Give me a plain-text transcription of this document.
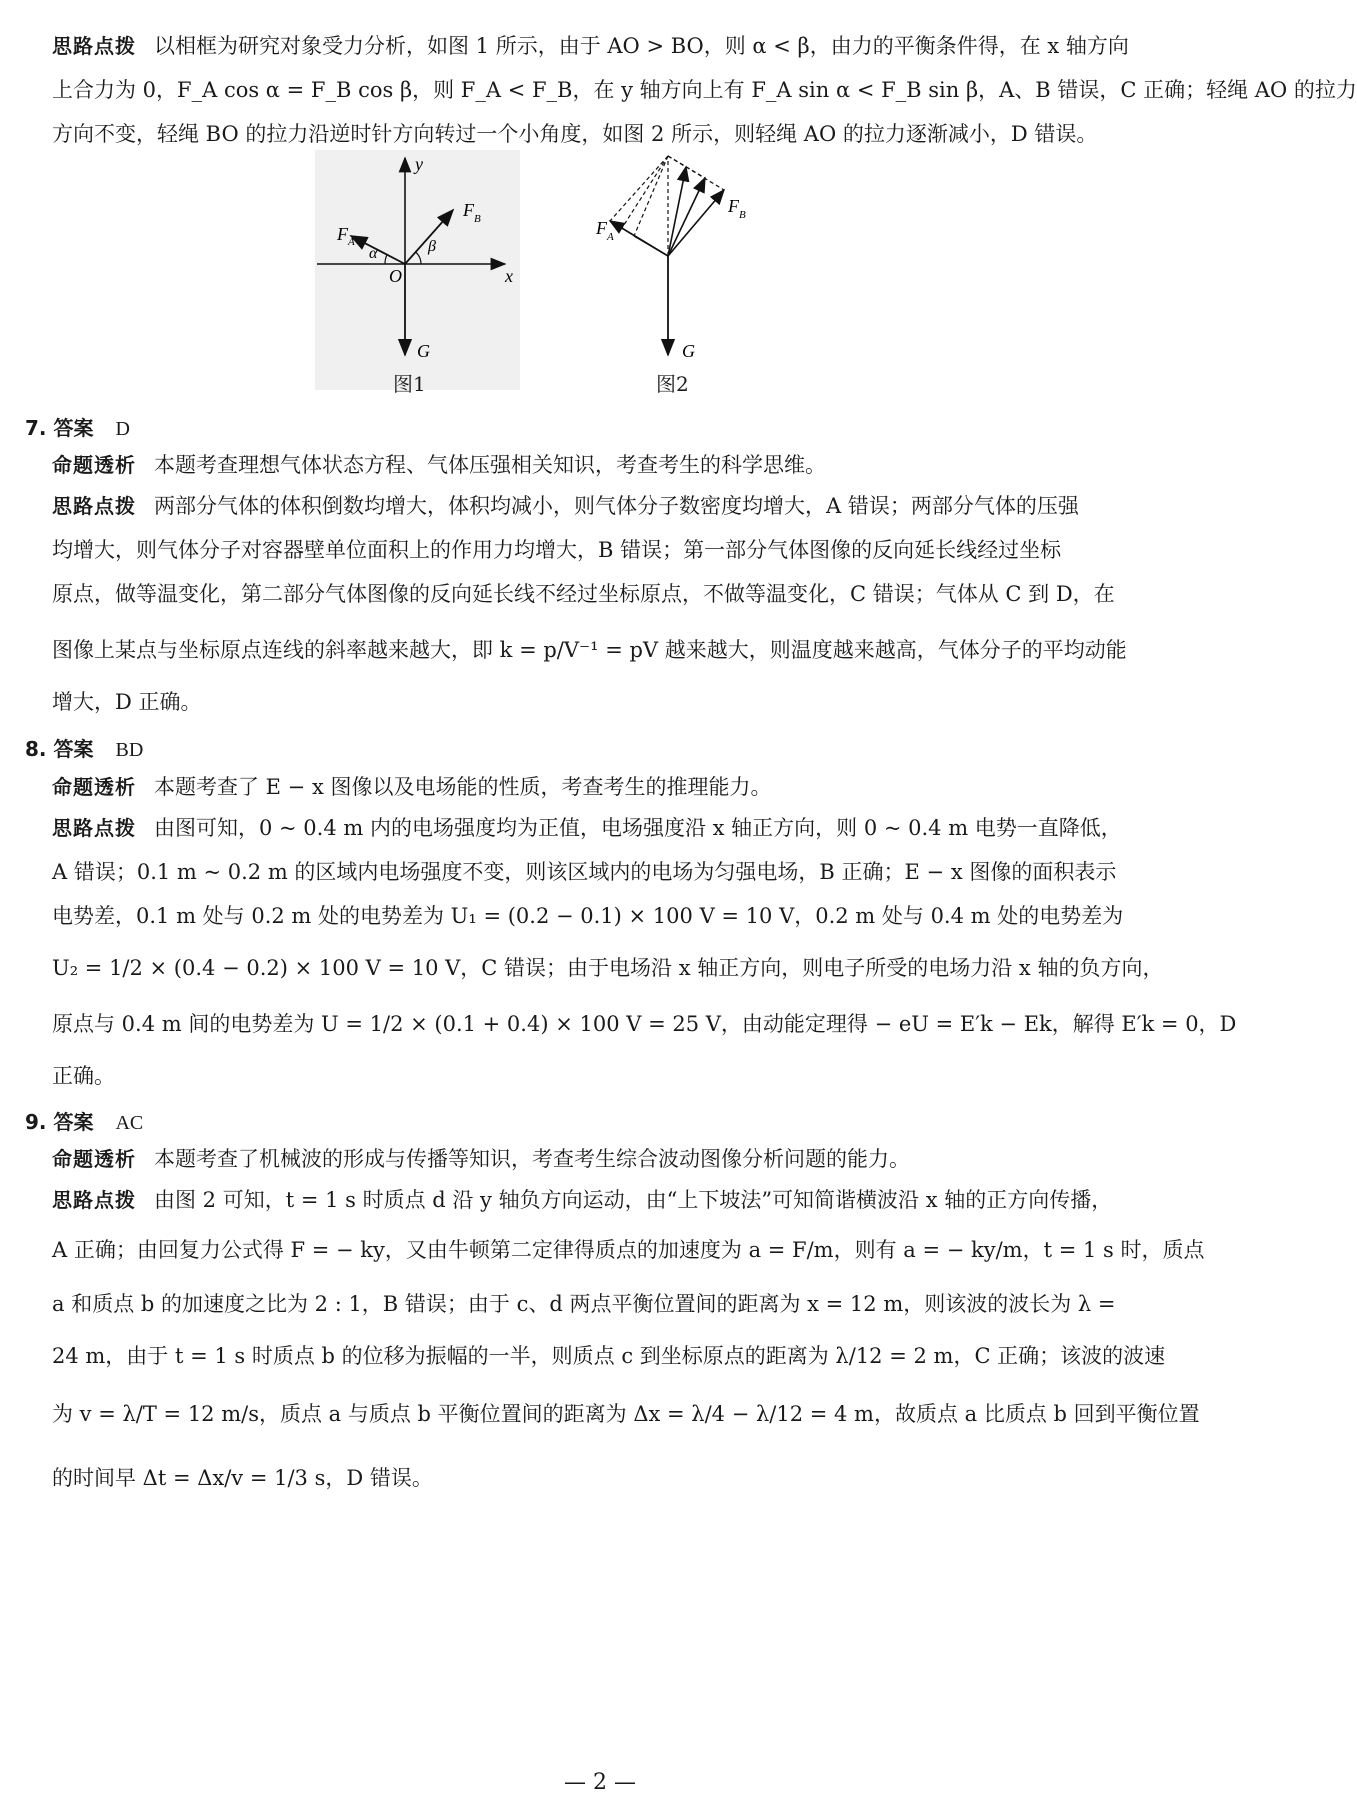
思路点拨 以相框为研究对象受力分析，如图 1 所示，由于 AO > BO，则 α < β，由力的平衡条件得，在 x 轴方向
上合力为 0，F_A cos α = F_B cos β，则 F_A < F_B，在 y 轴方向上有 F_A sin α < F_B sin β，A、B 错误，C 正确；轻绳 AO 的拉力
方向不变，轻绳 BO 的拉力沿逆时针方向转过一个小角度，如图 2 所示，则轻绳 AO 的拉力逐渐减小，D 错误。
y
x
O
G
F A
F B
α	β
图1
G
F A
F B
图2
7. 答案 D
命题透析 本题考查理想气体状态方程、气体压强相关知识，考查考生的科学思维。
思路点拨 两部分气体的体积倒数均增大，体积均减小，则气体分子数密度均增大，A 错误；两部分气体的压强
均增大，则气体分子对容器壁单位面积上的作用力均增大，B 错误；第一部分气体图像的反向延长线经过坐标
原点，做等温变化，第二部分气体图像的反向延长线不经过坐标原点，不做等温变化，C 错误；气体从 C 到 D，在
图像上某点与坐标原点连线的斜率越来越大，即 k = p/V⁻¹ = pV 越来越大，则温度越来越高，气体分子的平均动能
增大，D 正确。
8. 答案 BD
命题透析 本题考查了 E − x 图像以及电场能的性质，考查考生的推理能力。
思路点拨 由图可知，0 ~ 0.4 m 内的电场强度均为正值，电场强度沿 x 轴正方向，则 0 ~ 0.4 m 电势一直降低，
A 错误；0.1 m ~ 0.2 m 的区域内电场强度不变，则该区域内的电场为匀强电场，B 正确；E − x 图像的面积表示
电势差，0.1 m 处与 0.2 m 处的电势差为 U₁ = (0.2 − 0.1) × 100 V = 10 V，0.2 m 处与 0.4 m 处的电势差为
U₂ = 1/2 × (0.4 − 0.2) × 100 V = 10 V，C 错误；由于电场沿 x 轴正方向，则电子所受的电场力沿 x 轴的负方向，
原点与 0.4 m 间的电势差为 U = 1/2 × (0.1 + 0.4) × 100 V = 25 V，由动能定理得 − eU = E′k − Ek，解得 E′k = 0，D
正确。
9. 答案 AC
命题透析 本题考查了机械波的形成与传播等知识，考查考生综合波动图像分析问题的能力。
思路点拨 由图 2 可知，t = 1 s 时质点 d 沿 y 轴负方向运动，由“上下坡法”可知简谐横波沿 x 轴的正方向传播，
A 正确；由回复力公式得 F = − ky，又由牛顿第二定律得质点的加速度为 a = F/m，则有 a = − ky/m，t = 1 s 时，质点
a 和质点 b 的加速度之比为 2 : 1，B 错误；由于 c、d 两点平衡位置间的距离为 x = 12 m，则该波的波长为 λ =
24 m，由于 t = 1 s 时质点 b 的位移为振幅的一半，则质点 c 到坐标原点的距离为 λ/12 = 2 m，C 正确；该波的波速
为 v = λ/T = 12 m/s，质点 a 与质点 b 平衡位置间的距离为 Δx = λ/4 − λ/12 = 4 m，故质点 a 比质点 b 回到平衡位置
的时间早 Δt = Δx/v = 1/3 s，D 错误。
— 2 —
